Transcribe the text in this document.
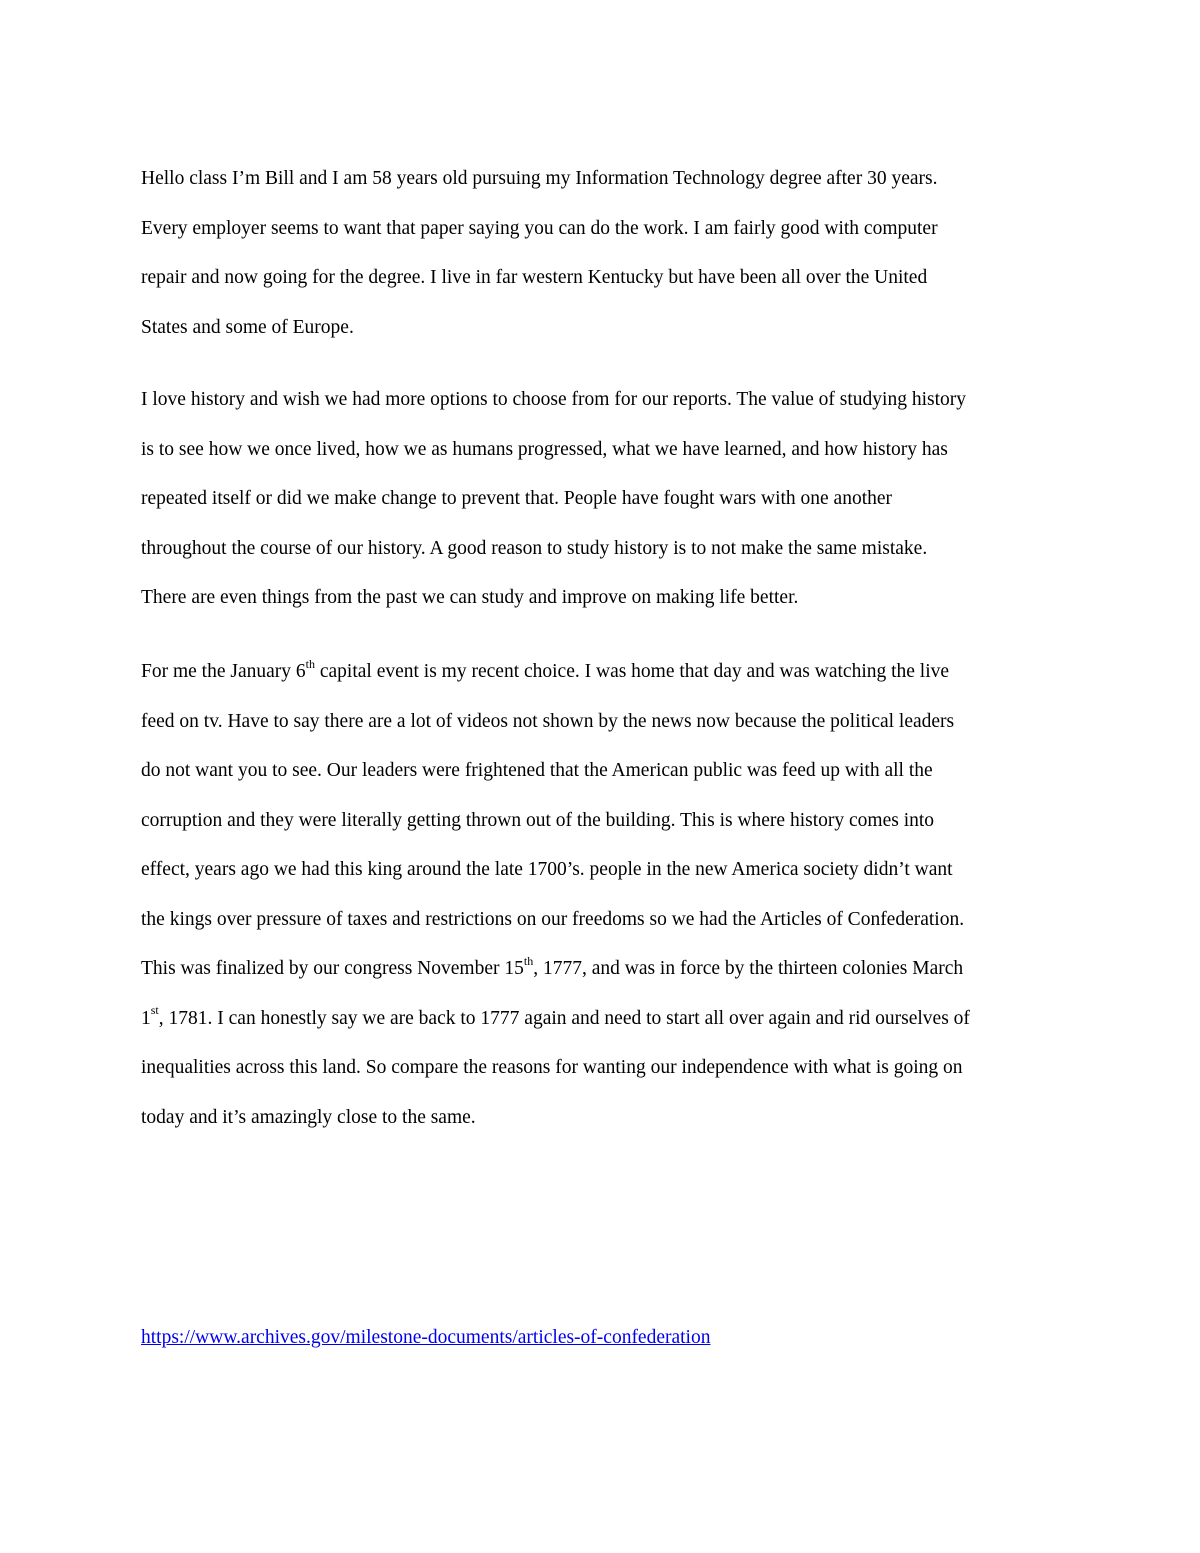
Hello class I’m Bill and I am 58 years old pursuing my Information Technology degree after 30 years.
Every employer seems to want that paper saying you can do the work. I am fairly good with computer
repair and now going for the degree. I live in far western Kentucky but have been all over the United
States and some of Europe.
I love history and wish we had more options to choose from for our reports. The value of studying history
is to see how we once lived, how we as humans progressed, what we have learned, and how history has
repeated itself or did we make change to prevent that. People have fought wars with one another
throughout the course of our history. A good reason to study history is to not make the same mistake.
There are even things from the past we can study and improve on making life better.
For me the January 6th capital event is my recent choice. I was home that day and was watching the live
feed on tv. Have to say there are a lot of videos not shown by the news now because the political leaders
do not want you to see. Our leaders were frightened that the American public was feed up with all the
corruption and they were literally getting thrown out of the building. This is where history comes into
effect, years ago we had this king around the late 1700’s. people in the new America society didn’t want
the kings over pressure of taxes and restrictions on our freedoms so we had the Articles of Confederation.
This was finalized by our congress November 15th, 1777, and was in force by the thirteen colonies March
1st, 1781. I can honestly say we are back to 1777 again and need to start all over again and rid ourselves of
inequalities across this land. So compare the reasons for wanting our independence with what is going on
today and it’s amazingly close to the same.
https://www.archives.gov/milestone-documents/articles-of-confederation
